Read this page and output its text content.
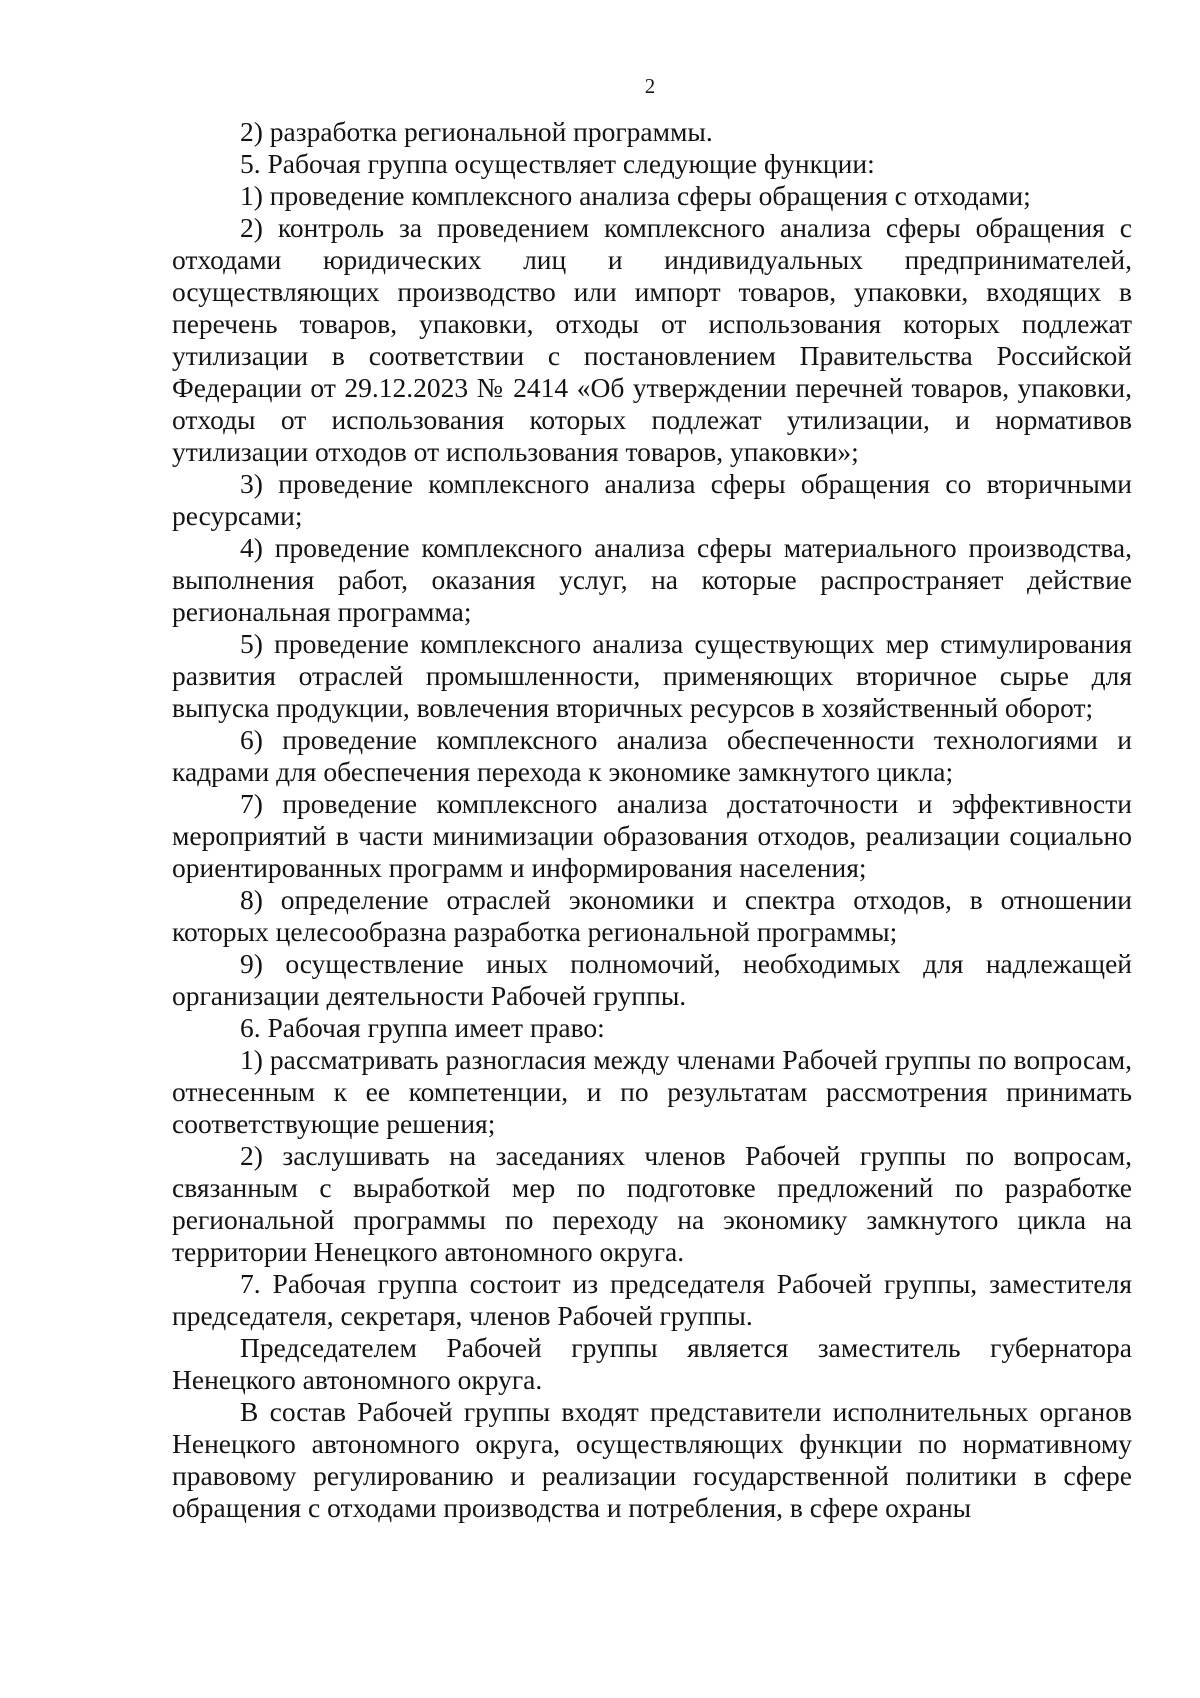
2

2) разработка региональной программы.

5. Рабочая группа осуществляет следующие функции:

1) проведение комплексного анализа сферы обращения с отходами;

2) контроль за проведением комплексного анализа сферы обращения с отходами юридических лиц и индивидуальных предпринимателей, осуществляющих производство или импорт товаров, упаковки, входящих в перечень товаров, упаковки, отходы от использования которых подлежат утилизации в соответствии с постановлением Правительства Российской Федерации от 29.12.2023 № 2414 «Об утверждении перечней товаров, упаковки, отходы от использования которых подлежат утилизации, и нормативов утилизации отходов от использования товаров, упаковки»;

3) проведение комплексного анализа сферы обращения со вторичными ресурсами;

4) проведение комплексного анализа сферы материального производства, выполнения работ, оказания услуг, на которые распространяет действие региональная программа;

5) проведение комплексного анализа существующих мер стимулирования развития отраслей промышленности, применяющих вторичное сырье для выпуска продукции, вовлечения вторичных ресурсов в хозяйственный оборот;

6) проведение комплексного анализа обеспеченности технологиями и кадрами для обеспечения перехода к экономике замкнутого цикла;

7) проведение комплексного анализа достаточности и эффективности мероприятий в части минимизации образования отходов, реализации социально ориентированных программ и информирования населения;

8) определение отраслей экономики и спектра отходов, в отношении которых целесообразна разработка региональной программы;

9) осуществление иных полномочий, необходимых для надлежащей организации деятельности Рабочей группы.

6. Рабочая группа имеет право:

1) рассматривать разногласия между членами Рабочей группы по вопросам, отнесенным к ее компетенции, и по результатам рассмотрения принимать соответствующие решения;

2) заслушивать на заседаниях членов Рабочей группы по вопросам, связанным с выработкой мер по подготовке предложений по разработке региональной программы по переходу на экономику замкнутого цикла на территории Ненецкого автономного округа.

7. Рабочая группа состоит из председателя Рабочей группы, заместителя председателя, секретаря, членов Рабочей группы.

Председателем Рабочей группы является заместитель губернатора Ненецкого автономного округа.

В состав Рабочей группы входят представители исполнительных органов Ненецкого автономного округа, осуществляющих функции по нормативному правовому регулированию и реализации государственной политики в сфере обращения с отходами производства и потребления, в сфере охраны
